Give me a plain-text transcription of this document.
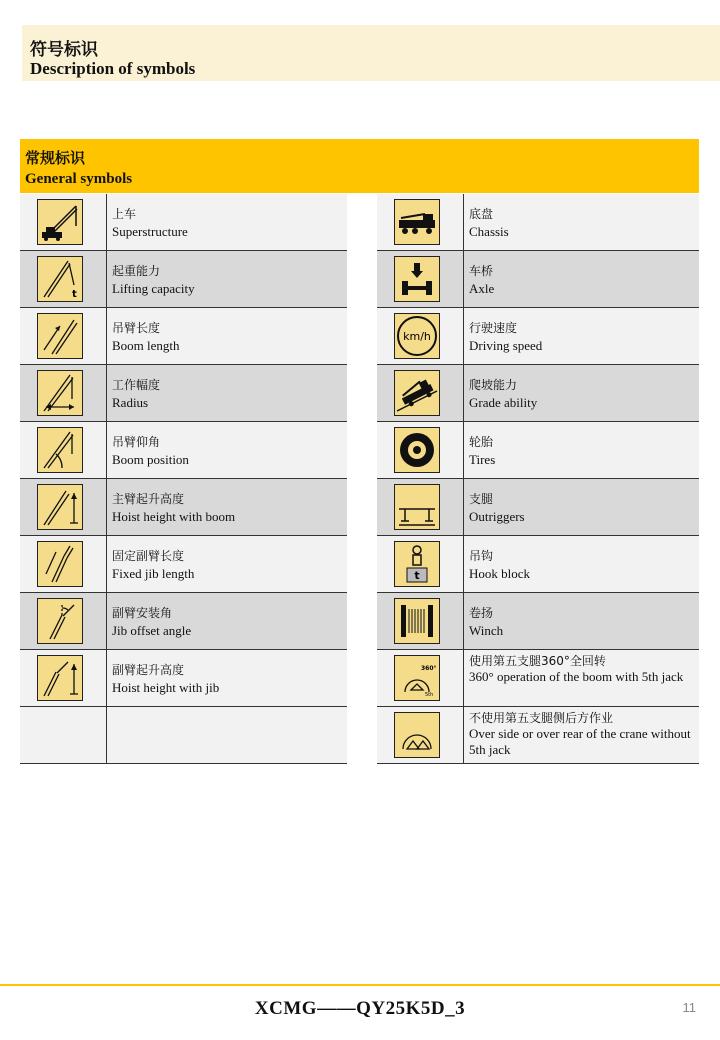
符号标识
Description of symbols
常规标识
General symbols
上车
Superstructure
t
起重能力
Lifting capacity
吊臂长度
Boom length
工作幅度
Radius
吊臂仰角
Boom position
主臂起升高度
Hoist height with boom
固定副臂长度
Fixed jib length
副臂安装角
Jib offset angle
副臂起升高度
Hoist height with jib
底盘
Chassis
车桥
Axle
km/h
行驶速度
Driving speed
爬坡能力
Grade ability
轮胎
Tires
支腿
Outriggers
t
吊钩
Hook block
卷扬
Winch
360°
5th
使用第五支腿360°全回转
360° operation of the boom with 5th jack
不使用第五支腿侧后方作业
Over side or over rear of the crane without 5th jack
XCMG——QY25K5D_3	11
